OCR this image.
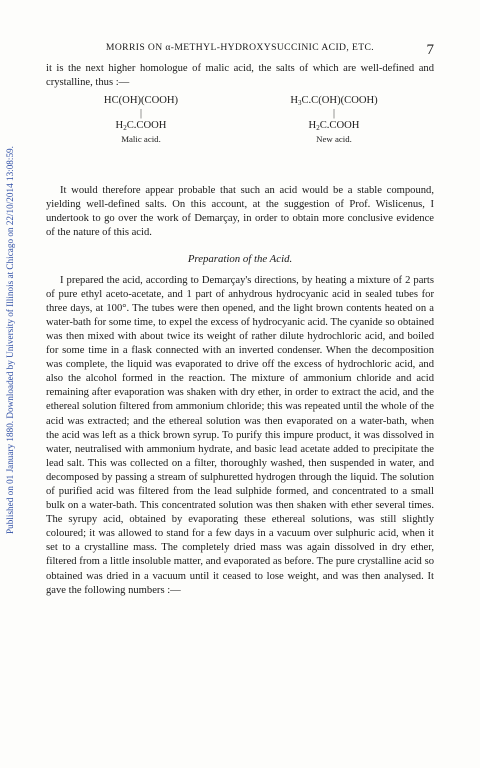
Published on 01 January 1880. Downloaded by University of Illinois at Chicago on 22/10/2014 13:08:59.
MORRIS ON α-METHYL-HYDROXYSUCCINIC ACID, ETC.	7

it is the next higher homologue of malic acid, the salts of which are well-defined and crystalline, thus :—

HC(OH)(COOH)
|
$H_2C.COOH$
Malic acid.
$H_3C.C(OH)(COOH)$
|
$H_2C.COOH$
New acid.

It would therefore appear probable that such an acid would be a stable compound, yielding well-defined salts. On this account, at the suggestion of Prof. Wislicenus, I undertook to go over the work of Demarçay, in order to obtain more conclusive evidence of the nature of this acid.

Preparation of the Acid.

I prepared the acid, according to Demarçay's directions, by heating a mixture of 2 parts of pure ethyl aceto-acetate, and 1 part of anhydrous hydrocyanic acid in sealed tubes for three days, at 100°. The tubes were then opened, and the light brown contents heated on a water-bath for some time, to expel the excess of hydrocyanic acid. The cyanide so obtained was then mixed with about twice its weight of rather dilute hydrochloric acid, and boiled for some time in a flask connected with an inverted condenser. When the decomposition was complete, the liquid was evaporated to drive off the excess of hydrochloric acid, and also the alcohol formed in the reaction. The mixture of ammonium chloride and acid remaining after evaporation was shaken with dry ether, in order to extract the acid, and the ethereal solution filtered from ammonium chloride; this was repeated until the whole of the acid was extracted; and the ethereal solution was then evaporated on a water-bath, when the acid was left as a thick brown syrup. To purify this impure product, it was dissolved in water, neutralised with ammonium hydrate, and basic lead acetate added to precipitate the lead salt. This was collected on a filter, thoroughly washed, then suspended in water, and decomposed by passing a stream of sulphuretted hydrogen through the liquid. The solution of purified acid was filtered from the lead sulphide formed, and concentrated to a small bulk on a water-bath. This concentrated solution was then shaken with ether several times. The syrupy acid, obtained by evaporating these ethereal solutions, was still slightly coloured; it was allowed to stand for a few days in a vacuum over sulphuric acid, when it set to a crystalline mass. The completely dried mass was again dissolved in dry ether, filtered from a little insoluble matter, and evaporated as before. The pure crystalline acid so obtained was dried in a vacuum until it ceased to lose weight, and was then analysed. It gave the following numbers :—
